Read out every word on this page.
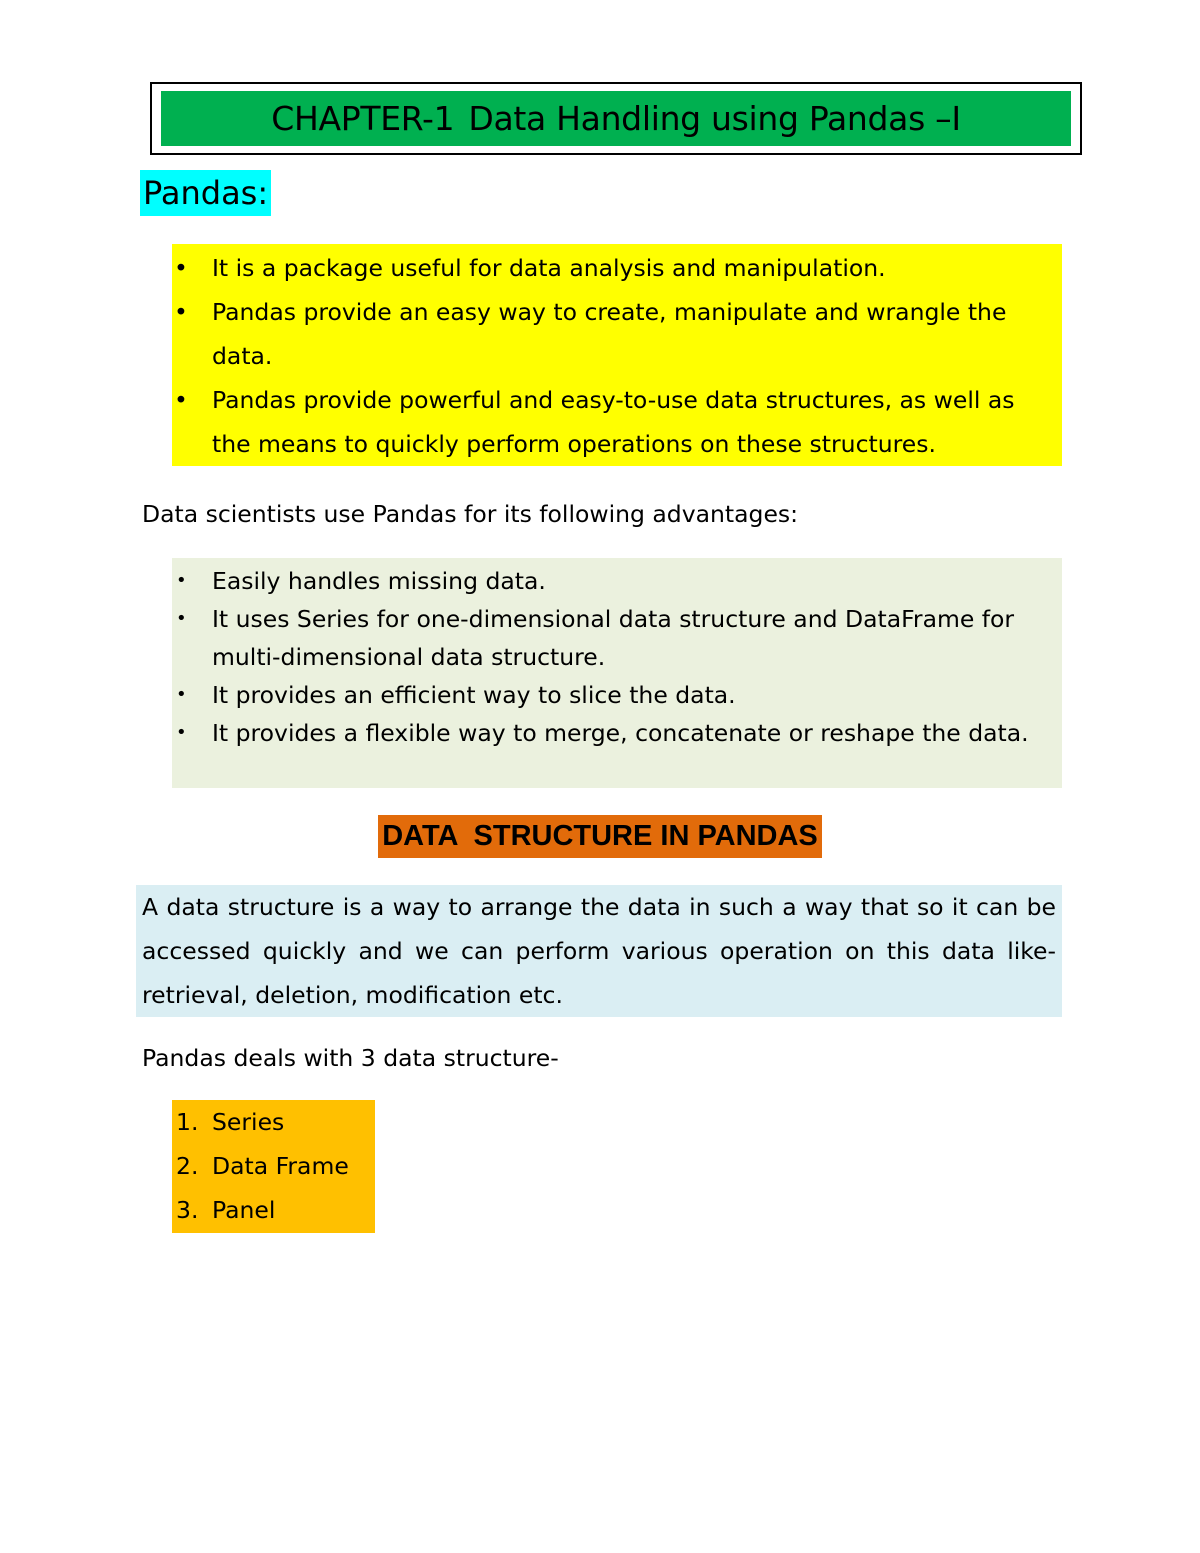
CHAPTER-1 Data Handling using Pandas –I
Pandas:
• It is a package useful for data analysis and manipulation.
• Pandas provide an easy way to create, manipulate and wrangle the data.
• Pandas provide powerful and easy-to-use data structures, as well as the means to quickly perform operations on these structures.
Data scientists use Pandas for its following advantages:
• Easily handles missing data.
• It uses Series for one-dimensional data structure and DataFrame for multi-dimensional data structure.
• It provides an efficient way to slice the data.
• It provides a flexible way to merge, concatenate or reshape the data.
DATA  STRUCTURE IN PANDAS

A data structure is a way to arrange the data in such a way that so it can be accessed quickly and we can perform various operation on this data like- retrieval, deletion, modification etc.

Pandas deals with 3 data structure-
1. Series
2. Data Frame
3. Panel
